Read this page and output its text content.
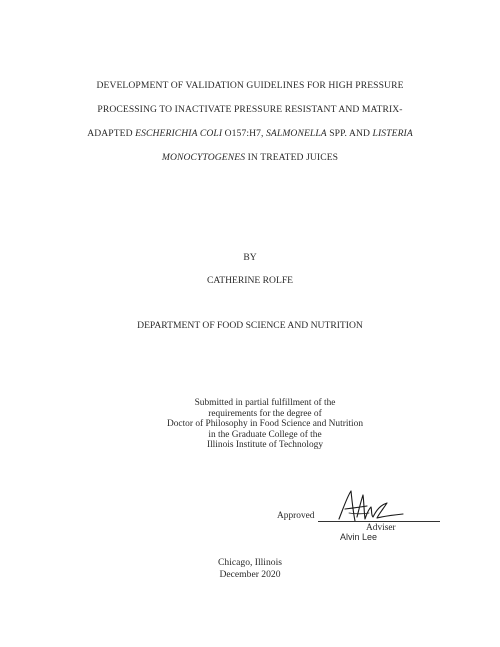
DEVELOPMENT OF VALIDATION GUIDELINES FOR HIGH PRESSURE
PROCESSING TO INACTIVATE PRESSURE RESISTANT AND MATRIX-
ADAPTED ESCHERICHIA COLI O157:H7, SALMONELLA SPP. AND LISTERIA
MONOCYTOGENES IN TREATED JUICES
BY
CATHERINE ROLFE
DEPARTMENT OF FOOD SCIENCE AND NUTRITION
Submitted in partial fulfillment of the
requirements for the degree of
Doctor of Philosophy in Food Science and Nutrition
in the Graduate College of the
Illinois Institute of Technology
Approved
Adviser
Alvin Lee
Chicago, Illinois
December 2020
